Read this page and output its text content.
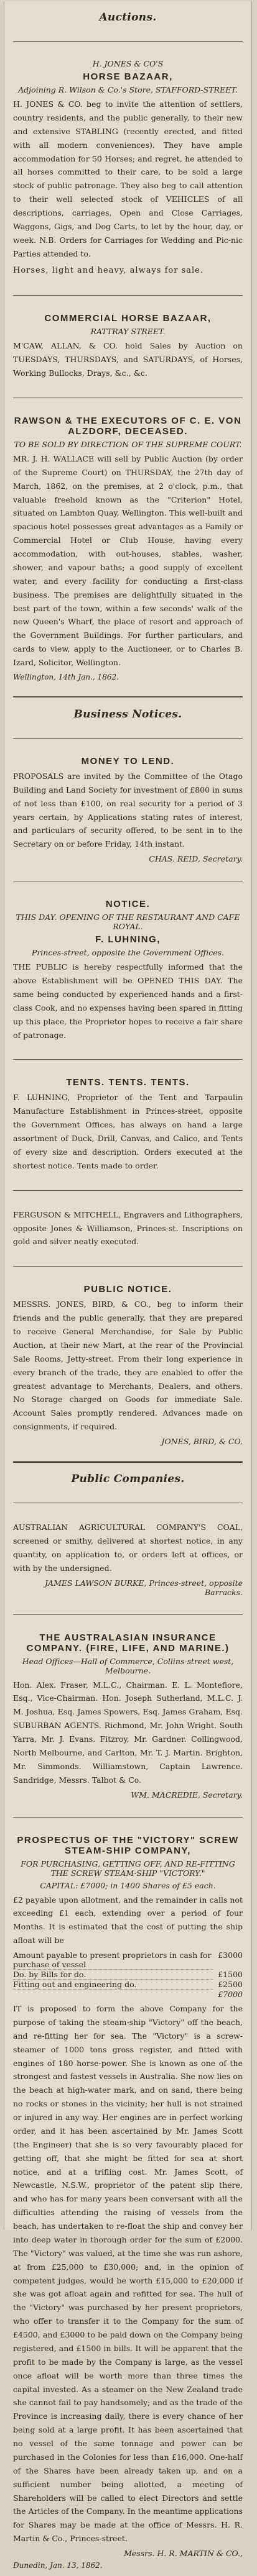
Auctions.
H. JONES & CO'S
HORSE BAZAAR,
Adjoining R. Wilson & Co.'s Store, STAFFORD-STREET.
H. JONES & CO. beg to invite the attention of settlers, country residents, and the public generally, to their new and extensive STABLING (recently erected, and fitted with all modern conveniences). They have ample accommodation for 50 Horses; and regret, he attended to all horses committed to their care, to be sold a large stock of public patronage. They also beg to call attention to their well selected stock of VEHICLES of all descriptions, carriages, Open and Close Carriages, Waggons, Gigs, and Dog Carts, to let by the hour, day, or week. N.B. Orders for Carriages for Wedding and Pic-nic Parties attended to.
Horses, light and heavy, always for sale.
COMMERCIAL HORSE BAZAAR,
RATTRAY STREET.
M'CAW, ALLAN, & CO. hold Sales by Auction on TUESDAYS, THURSDAYS, and SATURDAYS, of Horses, Working Bullocks, Drays, &c., &c.
RAWSON & THE EXECUTORS OF C. E. VON ALZDORF, DECEASED.
TO BE SOLD BY DIRECTION OF THE SUPREME COURT.
MR. J. H. WALLACE will sell by Public Auction (by order of the Supreme Court) on THURSDAY, the 27th day of March, 1862, on the premises, at 2 o'clock, p.m., that valuable freehold known as the "Criterion" Hotel, situated on Lambton Quay, Wellington. This well-built and spacious hotel possesses great advantages as a Family or Commercial Hotel or Club House, having every accommodation, with out-houses, stables, washer, shower, and vapour baths; a good supply of excellent water, and every facility for conducting a first-class business. The premises are delightfully situated in the best part of the town, within a few seconds' walk of the new Queen's Wharf, the place of resort and approach of the Government Buildings. For further particulars, and cards to view, apply to the Auctioneer, or to Charles B. Izard, Solicitor, Wellington.
Wellington, 14th Jan., 1862.
Business Notices.
MONEY TO LEND.
PROPOSALS are invited by the Committee of the Otago Building and Land Society for investment of £800 in sums of not less than £100, on real security for a period of 3 years certain, by Applications stating rates of interest, and particulars of security offered, to be sent in to the Secretary on or before Friday, 14th instant.
CHAS. REID, Secretary.
NOTICE.
THIS DAY. OPENING OF THE RESTAURANT AND CAFE ROYAL.
F. LUHNING,
Princes-street, opposite the Government Offices.
THE PUBLIC is hereby respectfully informed that the above Establishment will be OPENED THIS DAY. The same being conducted by experienced hands and a first-class Cook, and no expenses having been spared in fitting up this place, the Proprietor hopes to receive a fair share of patronage.
TENTS. TENTS. TENTS.
F. LUHNING, Proprietor of the Tent and Tarpaulin Manufacture Establishment in Princes-street, opposite the Government Offices, has always on hand a large assortment of Duck, Drill, Canvas, and Calico, and Tents of every size and description. Orders executed at the shortest notice. Tents made to order.
FERGUSON & MITCHELL, Engravers and Lithographers, opposite Jones & Williamson, Princes-st. Inscriptions on gold and silver neatly executed.
PUBLIC NOTICE.
MESSRS. JONES, BIRD, & CO., beg to inform their friends and the public generally, that they are prepared to receive General Merchandise, for Sale by Public Auction, at their new Mart, at the rear of the Provincial Sale Rooms, Jetty-street. From their long experience in every branch of the trade, they are enabled to offer the greatest advantage to Merchants, Dealers, and others. No Storage charged on Goods for immediate Sale. Account Sales promptly rendered. Advances made on consignments, if required.
JONES, BIRD, & CO.
Public Companies.
AUSTRALIAN AGRICULTURAL COMPANY'S COAL, screened or smithy, delivered at shortest notice, in any quantity, on application to, or orders left at offices, or with by the undersigned.
JAMES LAWSON BURKE, Princes-street, opposite Barracks.
THE AUSTRALASIAN INSURANCE COMPANY. (FIRE, LIFE, AND MARINE.)
Head Offices—Hall of Commerce, Collins-street west, Melbourne.
Hon. Alex. Fraser, M.L.C., Chairman. E. L. Montefiore, Esq., Vice-Chairman. Hon. Joseph Sutherland, M.L.C. J. M. Joshua, Esq. James Spowers, Esq. James Graham, Esq. SUBURBAN AGENTS. Richmond, Mr. John Wright. South Yarra, Mr. J. Evans. Fitzroy, Mr. Gardner. Collingwood, North Melbourne, and Carlton, Mr. T. J. Martin. Brighton, Mr. Simmonds. Williamstown, Captain Lawrence. Sandridge, Messrs. Talbot & Co.
WM. MACREDIE, Secretary.
PROSPECTUS OF THE "VICTORY" SCREW STEAM-SHIP COMPANY,
FOR PURCHASING, GETTING OFF, AND RE-FITTING THE SCREW STEAM-SHIP "VICTORY."
CAPITAL: £7000; in 1400 Shares of £5 each.
£2 payable upon allotment, and the remainder in calls not exceeding £1 each, extending over a period of four Months. It is estimated that the cost of putting the ship afloat will be
Amount payable to present proprietors in cash for purchase of vessel
£3000
Do. by Bills for do.	£1500
Fitting out and engineering do.	£2500
£7000
IT is proposed to form the above Company for the purpose of taking the steam-ship "Victory" off the beach, and re-fitting her for sea. The "Victory" is a screw-steamer of 1000 tons gross register, and fitted with engines of 180 horse-power. She is known as one of the strongest and fastest vessels in Australia. She now lies on the beach at high-water mark, and on sand, there being no rocks or stones in the vicinity; her hull is not strained or injured in any way. Her engines are in perfect working order, and it has been ascertained by Mr. James Scott (the Engineer) that she is so very favourably placed for getting off, that she might be fitted for sea at short notice, and at a trifling cost. Mr. James Scott, of Newcastle, N.S.W., proprietor of the patent slip there, and who has for many years been conversant with all the difficulties attending the raising of vessels from the beach, has undertaken to re-float the ship and convey her into deep water in thorough order for the sum of £2000. The "Victory" was valued, at the time she was run ashore, at from £25,000 to £30,000; and, in the opinion of competent judges, would be worth £15,000 to £20,000 if she was got afloat again and refitted for sea. The hull of the "Victory" was purchased by her present proprietors, who offer to transfer it to the Company for the sum of £4500, and £3000 to be paid down on the Company being registered, and £1500 in bills. It will be apparent that the profit to be made by the Company is large, as the vessel once afloat will be worth more than three times the capital invested. As a steamer on the New Zealand trade she cannot fail to pay handsomely; and as the trade of the Province is increasing daily, there is every chance of her being sold at a large profit. It has been ascertained that no vessel of the same tonnage and power can be purchased in the Colonies for less than £16,000. One-half of the Shares have been already taken up, and on a sufficient number being allotted, a meeting of Shareholders will be called to elect Directors and settle the Articles of the Company. In the meantime applications for Shares may be made at the office of Messrs. H. R. Martin & Co., Princes-street.
Messrs. H. R. MARTIN & CO.,
Dunedin, Jan. 13, 1862.
